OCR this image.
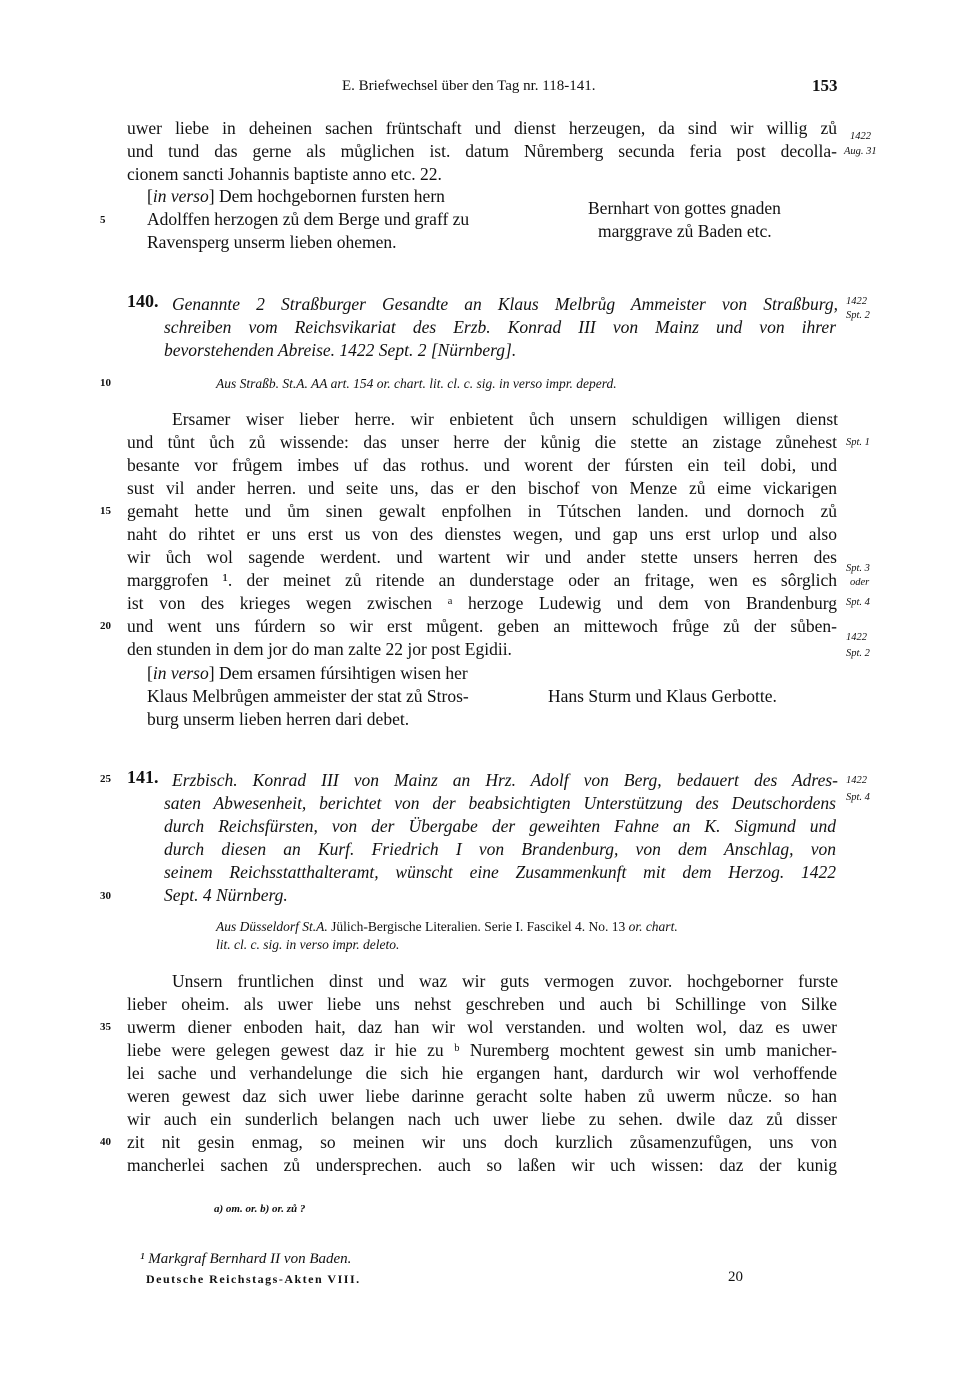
E. Briefwechsel über den Tag nr. 118-141.	153
uwer liebe in deheinen sachen früntschaft und dienst herzeugen, da sind wir willig zů
und tund das gerne als můglichen ist. datum Nůremberg secunda feria post decolla-
cionem sancti Johannis baptiste anno etc. 22.
1422
Aug. 31
[in verso] Dem hochgebornen fursten hern
Adolffen herzogen zů dem Berge und graff zu
Ravensperg unserm lieben ohemen.
Bernhart von gottes gnaden
marggrave zů Baden etc.
140. Genannte 2 Straßburger Gesandte an Klaus Melbrůg Ammeister von Straßburg,
schreiben vom Reichsvikariat des Erzb. Konrad III von Mainz und von ihrer
bevorstehenden Abreise. 1422 Sept. 2 [Nürnberg].
1422
Spt. 2
Aus Straßb. St.A. AA art. 154 or. chart. lit. cl. c. sig. in verso impr. deperd.
Ersamer wiser lieber herre. wir enbietent ůch unsern schuldigen willigen dienst
und tůnt ůch zů wissende: das unser herre der kůnig die stette an zistage zůnehest
besante vor frůgem imbes uf das rothus. und worent der fúrsten ein teil dobi, und
sust vil ander herren. und seite uns, das er den bischof von Menze zů eime vickarigen
gemaht hette und ům sinen gewalt enpfolhen in Tútschen landen. und dornoch zů
naht do rihtet er uns erst us von des dienstes wegen, und gap uns erst urlop und also
wir ůch wol sagende werdent. und wartent wir und ander stette unsers herren des
marggrofen ¹. der meinet zů ritende an dunderstage oder an fritage, wen es sôrglich
ist von des krieges wegen zwischen ᵃ herzoge Ludewig und dem von Brandenburg
und went uns fúrdern so wir erst můgent. geben an mittewoch frůge zů der sůben-
den stunden in dem jor do man zalte 22 jor post Egidii.
Spt. 1
Spt. 3
oder
Spt. 4
1422
Spt. 2
[in verso] Dem ersamen fúrsihtigen wisen her
Klaus Melbrůgen ammeister der stat zů Stros-
burg unserm lieben herren dari debet.
Hans Sturm und Klaus Gerbotte.
141. Erzbisch. Konrad III von Mainz an Hrz. Adolf von Berg, bedauert des Adres-
saten Abwesenheit, berichtet von der beabsichtigten Unterstützung des Deutschordens
durch Reichsfürsten, von der Übergabe der geweihten Fahne an K. Sigmund und
durch diesen an Kurf. Friedrich I von Brandenburg, von dem Anschlag, von
seinem Reichsstatthalteramt, wünscht eine Zusammenkunft mit dem Herzog. 1422
Sept. 4 Nürnberg.
1422
Spt. 4
Aus Düsseldorf St.A. Jülich-Bergische Literalien. Serie I. Fascikel 4. No. 13 or. chart.
lit. cl. c. sig. in verso impr. deleto.
Unsern fruntlichen dinst und waz wir guts vermogen zuvor. hochgeborner furste
lieber oheim. als uwer liebe uns nehst geschreben und auch bi Schillinge von Silke
uwerm diener enboden hait, daz han wir wol verstanden. und wolten wol, daz es uwer
liebe were gelegen gewest daz ir hie zu ᵇ Nuremberg mochtent gewest sin umb manicher-
lei sache und verhandelunge die sich hie ergangen hant, dardurch wir wol verhoffende
weren gewest daz sich uwer liebe darinne geracht solte haben zů uwerm nůcze. so han
wir auch ein sunderlich belangen nach uch uwer liebe zu sehen. dwile daz zů disser
zit nit gesin enmag, so meinen wir uns doch kurzlich zůsamenzufůgen, uns von
mancherlei sachen zů undersprechen. auch so laßen wir uch wissen: daz der kunig
5
10
15
20
25
30
35
40
a) om. or. b) or. zů ?
¹ Markgraf Bernhard II von Baden.
Deutsche Reichstags-Akten VIII.	20
